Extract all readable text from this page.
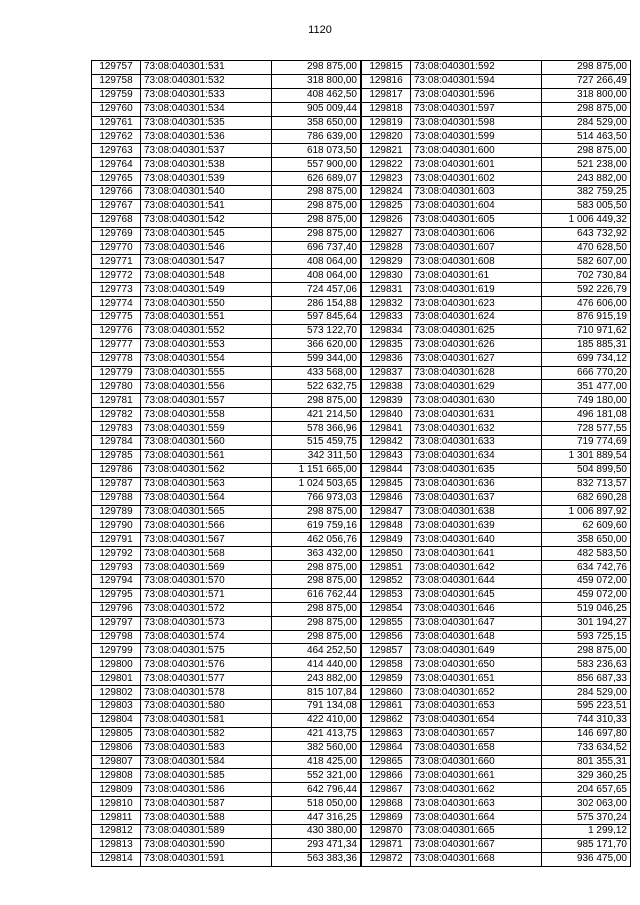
1120
129757	73:08:040301:531	298 875,00
129758	73:08:040301:532	318 800,00
129759	73:08:040301:533	408 462,50
129760	73:08:040301:534	905 009,44
129761	73:08:040301:535	358 650,00
129762	73:08:040301:536	786 639,00
129763	73:08:040301:537	618 073,50
129764	73:08:040301:538	557 900,00
129765	73:08:040301:539	626 689,07
129766	73:08:040301:540	298 875,00
129767	73:08:040301:541	298 875,00
129768	73:08:040301:542	298 875,00
129769	73:08:040301:545	298 875,00
129770	73:08:040301:546	696 737,40
129771	73:08:040301:547	408 064,00
129772	73:08:040301:548	408 064,00
129773	73:08:040301:549	724 457,06
129774	73:08:040301:550	286 154,88
129775	73:08:040301:551	597 845,64
129776	73:08:040301:552	573 122,70
129777	73:08:040301:553	366 620,00
129778	73:08:040301:554	599 344,00
129779	73:08:040301:555	433 568,00
129780	73:08:040301:556	522 632,75
129781	73:08:040301:557	298 875,00
129782	73:08:040301:558	421 214,50
129783	73:08:040301:559	578 366,96
129784	73:08:040301:560	515 459,75
129785	73:08:040301:561	342 311,50
129786	73:08:040301:562	1 151 665,00
129787	73:08:040301:563	1 024 503,65
129788	73:08:040301:564	766 973,03
129789	73:08:040301:565	298 875,00
129790	73:08:040301:566	619 759,16
129791	73:08:040301:567	462 056,76
129792	73:08:040301:568	363 432,00
129793	73:08:040301:569	298 875,00
129794	73:08:040301:570	298 875,00
129795	73:08:040301:571	616 762,44
129796	73:08:040301:572	298 875,00
129797	73:08:040301:573	298 875,00
129798	73:08:040301:574	298 875,00
129799	73:08:040301:575	464 252,50
129800	73:08:040301:576	414 440,00
129801	73:08:040301:577	243 882,00
129802	73:08:040301:578	815 107,84
129803	73:08:040301:580	791 134,08
129804	73:08:040301:581	422 410,00
129805	73:08:040301:582	421 413,75
129806	73:08:040301:583	382 560,00
129807	73:08:040301:584	418 425,00
129808	73:08:040301:585	552 321,00
129809	73:08:040301:586	642 796,44
129810	73:08:040301:587	518 050,00
129811	73:08:040301:588	447 316,25
129812	73:08:040301:589	430 380,00
129813	73:08:040301:590	293 471,34
129814	73:08:040301:591	563 383,36
129815	73:08:040301:592	298 875,00
129816	73:08:040301:594	727 266,49
129817	73:08:040301:596	318 800,00
129818	73:08:040301:597	298 875,00
129819	73:08:040301:598	284 529,00
129820	73:08:040301:599	514 463,50
129821	73:08:040301:600	298 875,00
129822	73:08:040301:601	521 238,00
129823	73:08:040301:602	243 882,00
129824	73:08:040301:603	382 759,25
129825	73:08:040301:604	583 005,50
129826	73:08:040301:605	1 006 449,32
129827	73:08:040301:606	643 732,92
129828	73:08:040301:607	470 628,50
129829	73:08:040301:608	582 607,00
129830	73:08:040301:61	702 730,84
129831	73:08:040301:619	592 226,79
129832	73:08:040301:623	476 606,00
129833	73:08:040301:624	876 915,19
129834	73:08:040301:625	710 971,62
129835	73:08:040301:626	185 885,31
129836	73:08:040301:627	699 734,12
129837	73:08:040301:628	666 770,20
129838	73:08:040301:629	351 477,00
129839	73:08:040301:630	749 180,00
129840	73:08:040301:631	496 181,08
129841	73:08:040301:632	728 577,55
129842	73:08:040301:633	719 774,69
129843	73:08:040301:634	1 301 889,54
129844	73:08:040301:635	504 899,50
129845	73:08:040301:636	832 713,57
129846	73:08:040301:637	682 690,28
129847	73:08:040301:638	1 006 897,92
129848	73:08:040301:639	62 609,60
129849	73:08:040301:640	358 650,00
129850	73:08:040301:641	482 583,50
129851	73:08:040301:642	634 742,76
129852	73:08:040301:644	459 072,00
129853	73:08:040301:645	459 072,00
129854	73:08:040301:646	519 046,25
129855	73:08:040301:647	301 194,27
129856	73:08:040301:648	593 725,15
129857	73:08:040301:649	298 875,00
129858	73:08:040301:650	583 236,63
129859	73:08:040301:651	856 687,33
129860	73:08:040301:652	284 529,00
129861	73:08:040301:653	595 223,51
129862	73:08:040301:654	744 310,33
129863	73:08:040301:657	146 697,80
129864	73:08:040301:658	733 634,52
129865	73:08:040301:660	801 355,31
129866	73:08:040301:661	329 360,25
129867	73:08:040301:662	204 657,65
129868	73:08:040301:663	302 063,00
129869	73:08:040301:664	575 370,24
129870	73:08:040301:665	1 299,12
129871	73:08:040301:667	985 171,70
129872	73:08:040301:668	936 475,00
